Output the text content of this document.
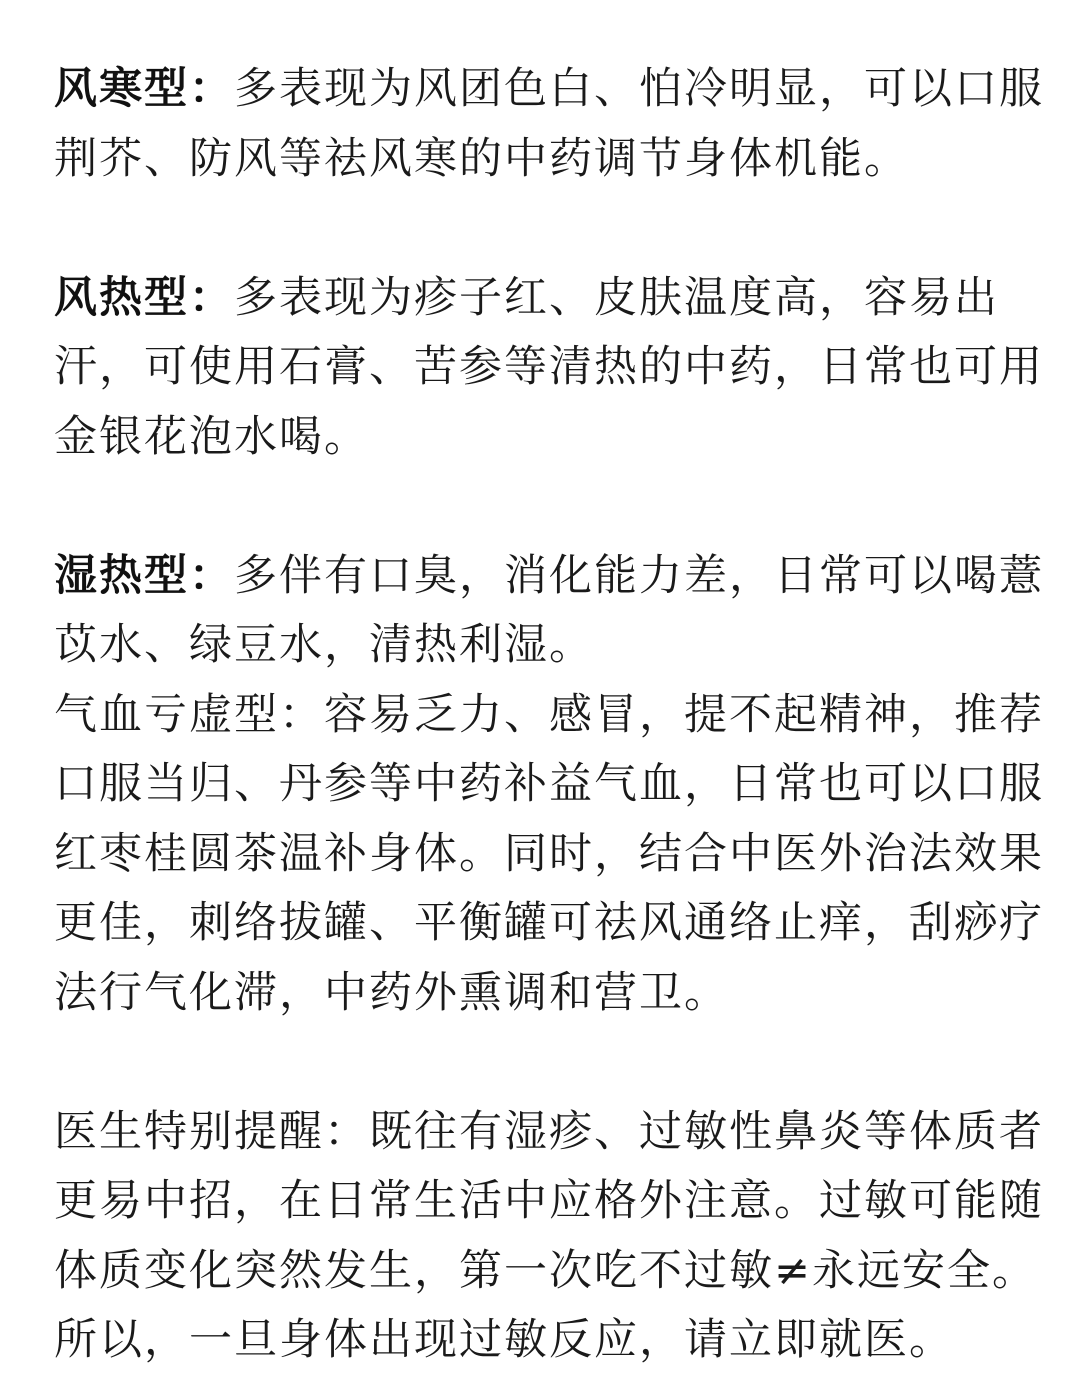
风寒型：多表现为风团色白、怕冷明显，可以口服荆芥、防风等祛风寒的中药调节身体机能。

风热型：多表现为疹子红、皮肤温度高，容易出汗，可使用石膏、苦参等清热的中药，日常也可用金银花泡水喝。

湿热型：多伴有口臭，消化能力差，日常可以喝薏苡水、绿豆水，清热利湿。

气血亏虚型：容易乏力、感冒，提不起精神，推荐口服当归、丹参等中药补益气血，日常也可以口服红枣桂圆茶温补身体。同时，结合中医外治法效果更佳，刺络拔罐、平衡罐可祛风通络止痒，刮痧疗法行气化滞，中药外熏调和营卫。

医生特别提醒：既往有湿疹、过敏性鼻炎等体质者更易中招，在日常生活中应格外注意。过敏可能随体质变化突然发生，第一次吃不过敏≠永远安全。所以，一旦身体出现过敏反应，请立即就医。
